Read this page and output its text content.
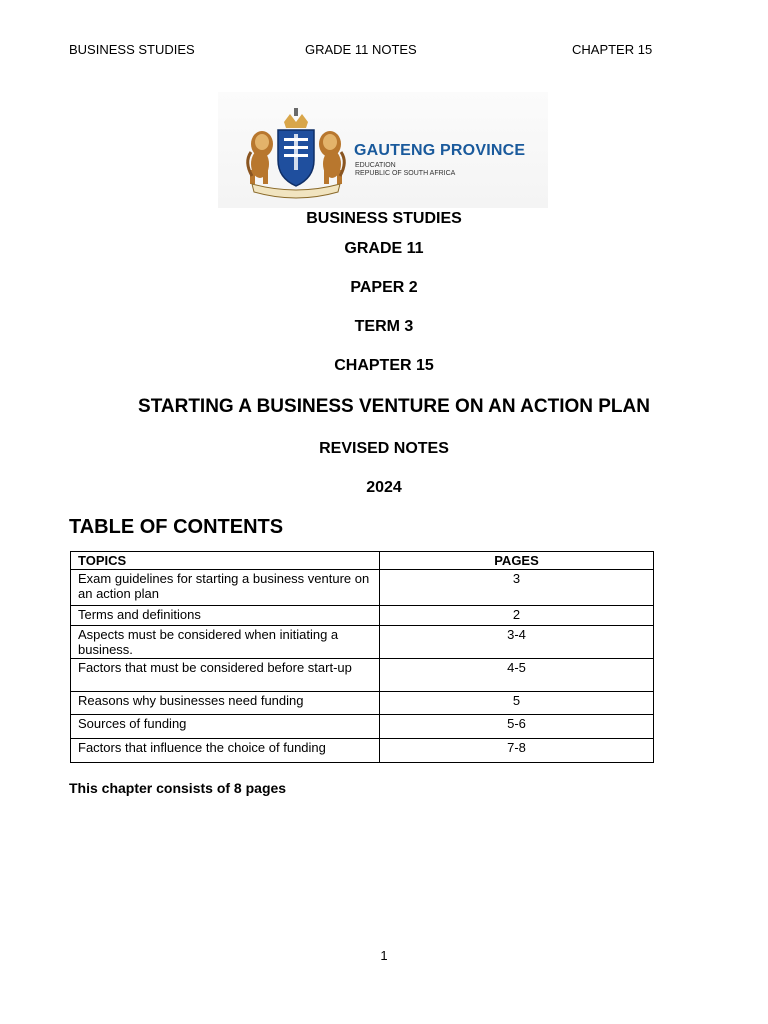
BUSINESS STUDIES	GRADE 11 NOTES	CHAPTER 15
GAUTENG PROVINCE
EDUCATION
REPUBLIC OF SOUTH AFRICA
BUSINESS STUDIES
GRADE 11
PAPER 2
TERM 3
CHAPTER 15
STARTING A BUSINESS VENTURE ON AN ACTION PLAN
REVISED NOTES
2024
TABLE OF CONTENTS
TOPICS	PAGES
Exam guidelines for starting a business venture on an action plan	3
Terms and definitions	2
Aspects must be considered when initiating a business.	3-4
Factors that must be considered before start-up	4-5
Reasons why businesses need funding	5
Sources of funding	5-6
Factors that influence the choice of funding	7-8
This chapter consists of 8 pages
1
